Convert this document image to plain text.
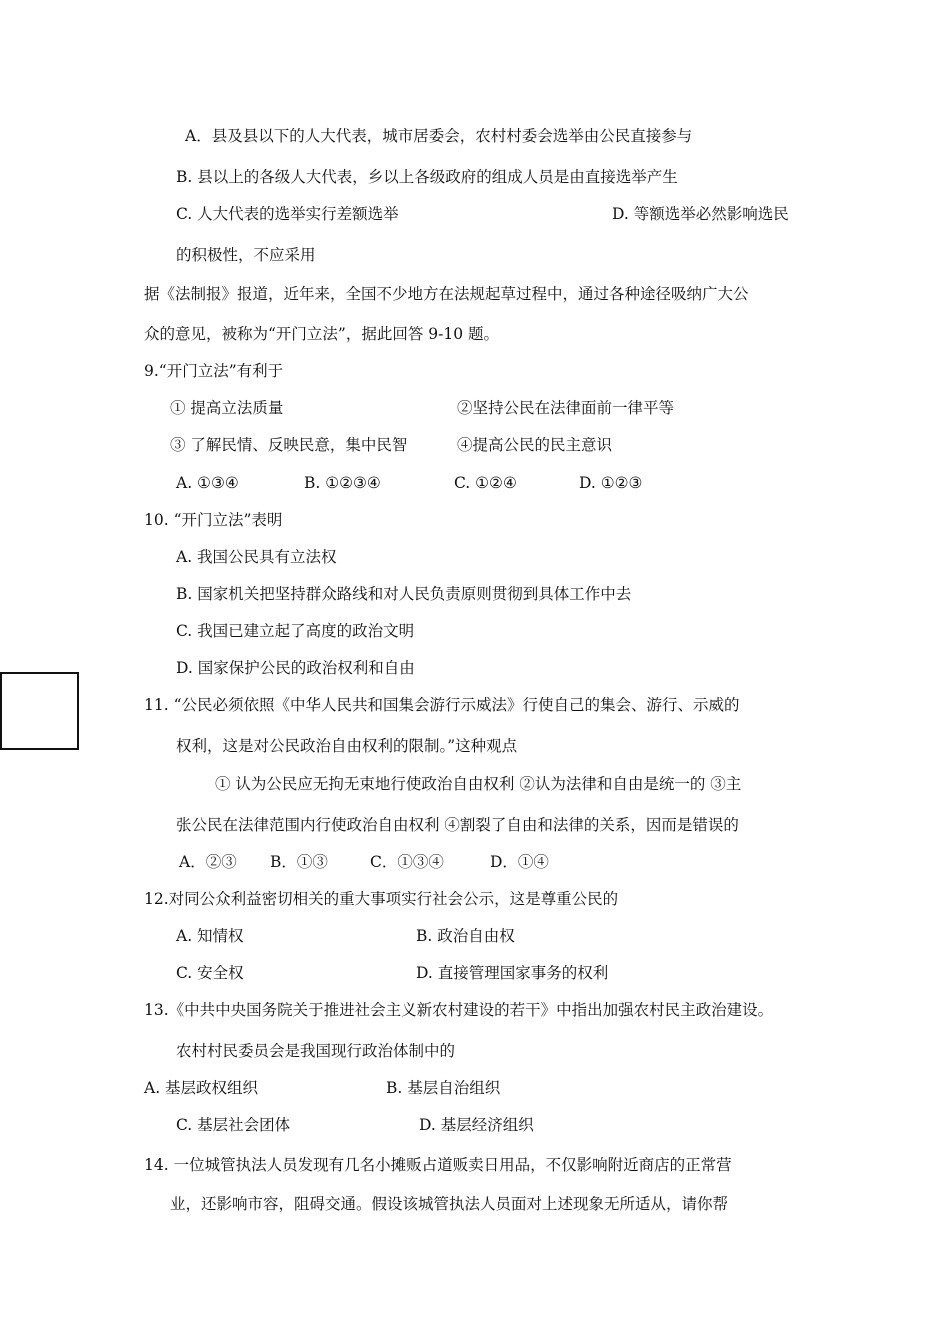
A．县及县以下的人大代表，城市居委会，农村村委会选举由公民直接参与
B. 县以上的各级人大代表，乡以上各级政府的组成人员是由直接选举产生
C. 人大代表的选举实行差额选举	D. 等额选举必然影响选民
的积极性，不应采用
据《法制报》报道，近年来，全国不少地方在法规起草过程中，通过各种途径吸纳广大公
众的意见，被称为“开门立法”，据此回答 9-10 题。
9.“开门立法”有利于
① 提高立法质量	②坚持公民在法律面前一律平等
③ 了解民情、反映民意，集中民智	④提高公民的民主意识
A. ①③④	B. ①②③④	C. ①②④	D. ①②③
10. “开门立法”表明
A. 我国公民具有立法权
B. 国家机关把坚持群众路线和对人民负责原则贯彻到具体工作中去
C. 我国已建立起了高度的政治文明
D. 国家保护公民的政治权利和自由
11. “公民必须依照《中华人民共和国集会游行示威法》行使自己的集会、游行、示威的
权利，这是对公民政治自由权利的限制。”这种观点
① 认为公民应无拘无束地行使政治自由权利 ②认为法律和自由是统一的 ③主
张公民在法律范围内行使政治自由权利 ④割裂了自由和法律的关系，因而是错误的
A．②③ B．①③	C．①③④	D．①④
12.对同公众利益密切相关的重大事项实行社会公示，这是尊重公民的
A. 知情权	B. 政治自由权
C. 安全权	D. 直接管理国家事务的权利
13.《中共中央国务院关于推进社会主义新农村建设的若干》中指出加强农村民主政治建设。
农村村民委员会是我国现行政治体制中的
A. 基层政权组织	B. 基层自治组织
C. 基层社会团体	D. 基层经济组织
14. 一位城管执法人员发现有几名小摊贩占道贩卖日用品，不仅影响附近商店的正常营
业，还影响市容，阻碍交通。假设该城管执法人员面对上述现象无所适从，请你帮
